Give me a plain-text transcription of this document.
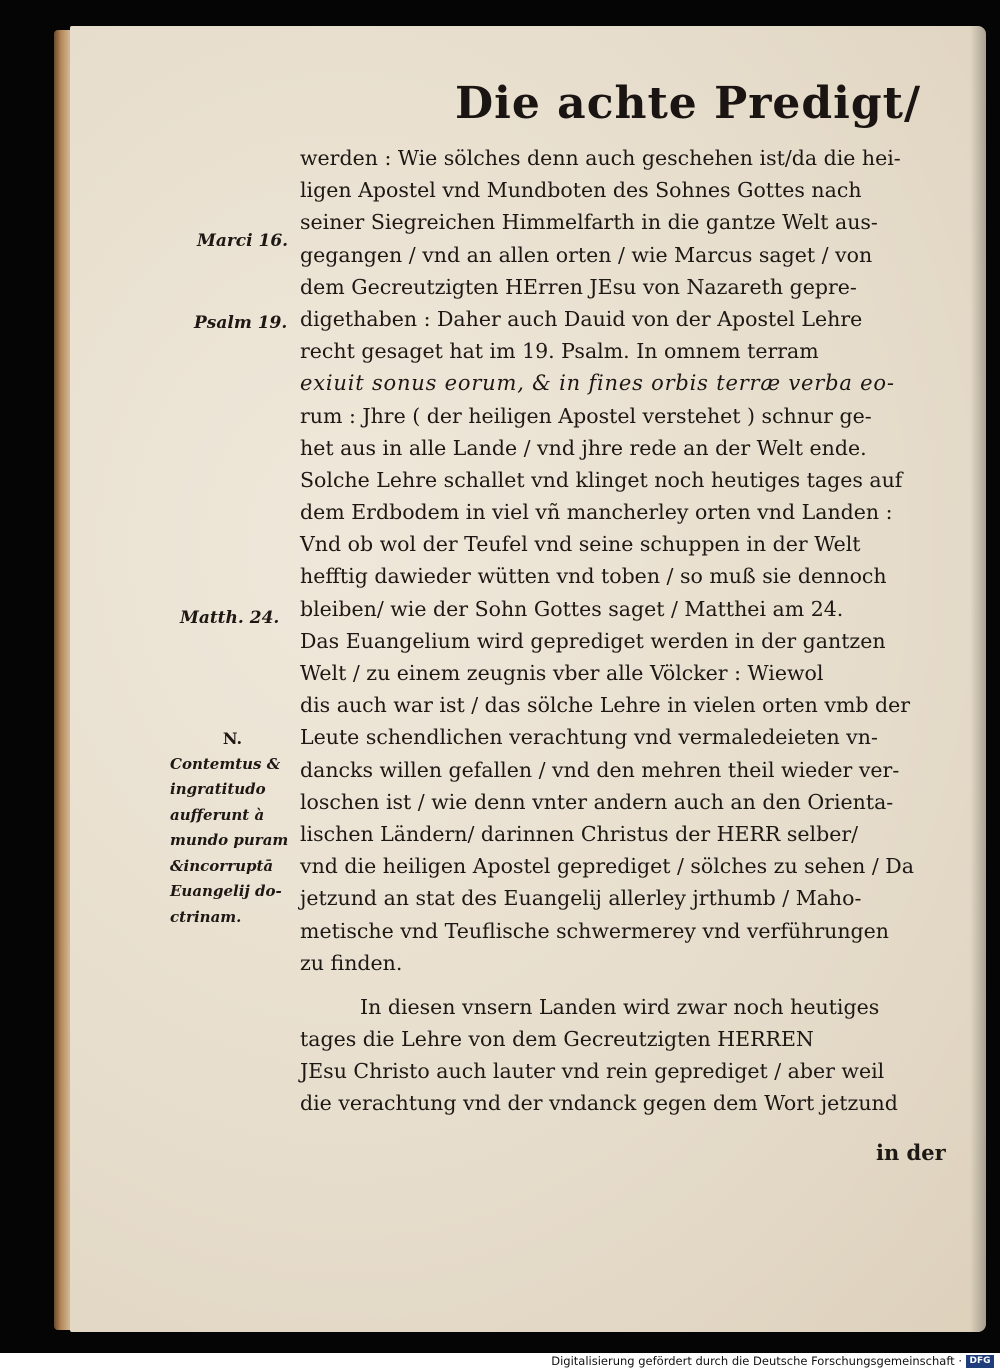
Die achte Predigt/
Marci 16.
Psalm 19.
Matth. 24.
N.
Contemtus &
ingratitudo
aufferunt à
mundo puram
&incorruptā
Euangelij do-
ctrinam.
werden : Wie sölches denn auch geschehen ist/da die hei-
ligen Apostel vnd Mundboten des Sohnes Gottes nach
seiner Siegreichen Himmelfarth in die gantze Welt aus-
gegangen / vnd an allen orten / wie Marcus saget / von
dem Gecreutzigten HErren JEsu von Nazareth gepre-
digethaben : Daher auch Dauid von der Apostel Lehre
recht gesaget hat im 19. Psalm. In omnem terram
exiuit sonus eorum, & in fines orbis terræ verba eo-
rum : Jhre ( der heiligen Apostel verstehet ) schnur ge-
het aus in alle Lande / vnd jhre rede an der Welt ende.
Solche Lehre schallet vnd klinget noch heutiges tages auf
dem Erdbodem in viel vñ mancherley orten vnd Landen :
Vnd ob wol der Teufel vnd seine schuppen in der Welt
hefftig dawieder wütten vnd toben / so muß sie dennoch
bleiben/ wie der Sohn Gottes saget / Matthei am 24.
Das Euangelium wird geprediget werden in der gantzen
Welt / zu einem zeugnis vber alle Völcker : Wiewol
dis auch war ist / das sölche Lehre in vielen orten vmb der
Leute schendlichen verachtung vnd vermaledeieten vn-
dancks willen gefallen / vnd den mehren theil wieder ver-
loschen ist / wie denn vnter andern auch an den Orienta-
lischen Ländern/ darinnen Christus der HERR selber/
vnd die heiligen Apostel geprediget / sölches zu sehen / Da
jetzund an stat des Euangelij allerley jrthumb / Maho-
metische vnd Teuflische schwermerey vnd verführungen
zu finden.
In diesen vnsern Landen wird zwar noch heutiges
tages die Lehre von dem Gecreutzigten HERREN
JEsu Christo auch lauter vnd rein geprediget / aber weil
die verachtung vnd der vndanck gegen dem Wort jetzund
in der
Digitalisierung gefördert durch die Deutsche Forschungsgemeinschaft · DFG
